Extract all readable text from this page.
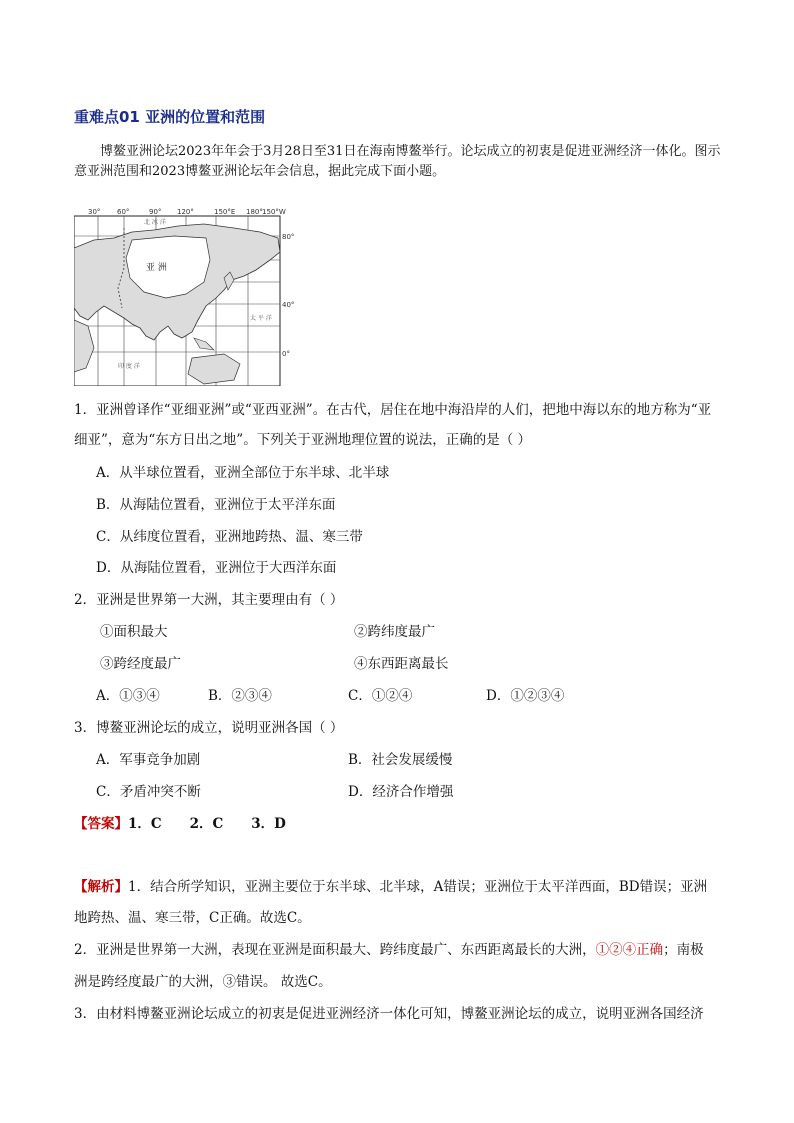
重难点01 亚洲的位置和范围
博鳌亚洲论坛2023年年会于3月28日至31日在海南博鳌举行。论坛成立的初衷是促进亚洲经济一体化。图示意亚洲范围和2023博鳌亚洲论坛年会信息，据此完成下面小题。
30° 60°	90° 120°	150°E 180° 150°W
80°
40°
0°
亚 洲
北 冰 洋
太 平 洋
印 度 洋
1．亚洲曾译作“亚细亚洲”或“亚西亚洲”。在古代，居住在地中海沿岸的人们，把地中海以东的地方称为“亚
细亚”，意为“东方日出之地”。下列关于亚洲地理位置的说法，正确的是（ ）
A．从半球位置看，亚洲全部位于东半球、北半球
B．从海陆位置看，亚洲位于太平洋东面
C．从纬度位置看，亚洲地跨热、温、寒三带
D．从海陆位置看，亚洲位于大西洋东面
2．亚洲是世界第一大洲，其主要理由有（ ）
①面积最大	②跨纬度最广
③跨经度最广	④东西距离最长
A．①③④	B．②③④	C．①②④	D．①②③④
3．博鳌亚洲论坛的成立，说明亚洲各国（ ）
A．军事竞争加剧	B．社会发展缓慢
C．矛盾冲突不断	D．经济合作增强
【答案】1．C 2．C 3．D
【解析】1．结合所学知识，亚洲主要位于东半球、北半球，A错误；亚洲位于太平洋西面，BD错误；亚洲
地跨热、温、寒三带，C正确。故选C。
2．亚洲是世界第一大洲，表现在亚洲是面积最大、跨纬度最广、东西距离最长的大洲，①②④正确；南极
洲是跨经度最广的大洲，③错误。 故选C。
3．由材料博鳌亚洲论坛成立的初衷是促进亚洲经济一体化可知，博鳌亚洲论坛的成立，说明亚洲各国经济
